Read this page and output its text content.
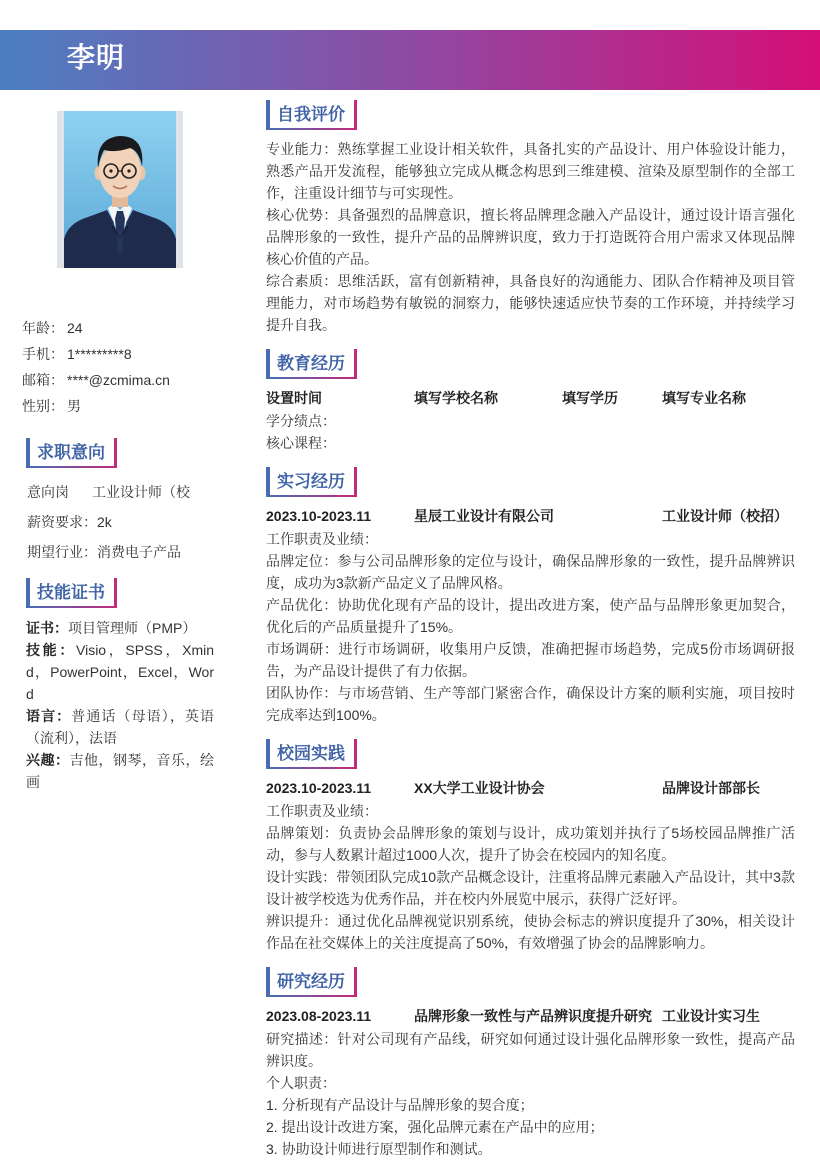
李明
年龄： 24
手机： 1*********8
邮箱： ****@zcmima.cn
性别： 男
求职意向
意向岗 工业设计师（校
薪资要求：2k
期望行业：消费电子产品
技能证书

证书：项目管理师（PMP）

技能：Visio，SPSS，Xmind，PowerPoint，Excel，Word

语言：普通话（母语），英语（流利），法语

兴趣：吉他，钢琴，音乐，绘画

自我评价

专业能力：熟练掌握工业设计相关软件，具备扎实的产品设计、用户体验设计能力，熟悉产品开发流程，能够独立完成从概念构思到三维建模、渲染及原型制作的全部工作，注重设计细节与可实现性。

核心优势：具备强烈的品牌意识，擅长将品牌理念融入产品设计，通过设计语言强化品牌形象的一致性，提升产品的品牌辨识度，致力于打造既符合用户需求又体现品牌核心价值的产品。

综合素质：思维活跃，富有创新精神，具备良好的沟通能力、团队合作精神及项目管理能力，对市场趋势有敏锐的洞察力，能够快速适应快节奏的工作环境，并持续学习提升自我。

教育经历
设置时间	填写学校名称	填写学历	填写专业名称

学分绩点：

核心课程：

实习经历
2023.10-2023.11	星辰工业设计有限公司	工业设计师（校招）

工作职责及业绩：

品牌定位：参与公司品牌形象的定位与设计，确保品牌形象的一致性，提升品牌辨识度，成功为3款新产品定义了品牌风格。

产品优化：协助优化现有产品的设计，提出改进方案，使产品与品牌形象更加契合，优化后的产品质量提升了15%。

市场调研：进行市场调研，收集用户反馈，准确把握市场趋势，完成5份市场调研报告，为产品设计提供了有力依据。

团队协作：与市场营销、生产等部门紧密合作，确保设计方案的顺利实施，项目按时完成率达到100%。

校园实践
2023.10-2023.11	XX大学工业设计协会	品牌设计部部长

工作职责及业绩：

品牌策划：负责协会品牌形象的策划与设计，成功策划并执行了5场校园品牌推广活动，参与人数累计超过1000人次，提升了协会在校园内的知名度。

设计实践：带领团队完成10款产品概念设计，注重将品牌元素融入产品设计，其中3款设计被学校选为优秀作品，并在校内外展览中展示，获得广泛好评。

辨识提升：通过优化品牌视觉识别系统，使协会标志的辨识度提升了30%，相关设计作品在社交媒体上的关注度提高了50%，有效增强了协会的品牌影响力。

研究经历
2023.08-2023.11	品牌形象一致性与产品辨识度提升研究 工业设计实习生

研究描述：针对公司现有产品线，研究如何通过设计强化品牌形象一致性，提高产品辨识度。

个人职责：

1. 分析现有产品设计与品牌形象的契合度；

2. 提出设计改进方案，强化品牌元素在产品中的应用；

3. 协助设计师进行原型制作和测试。
